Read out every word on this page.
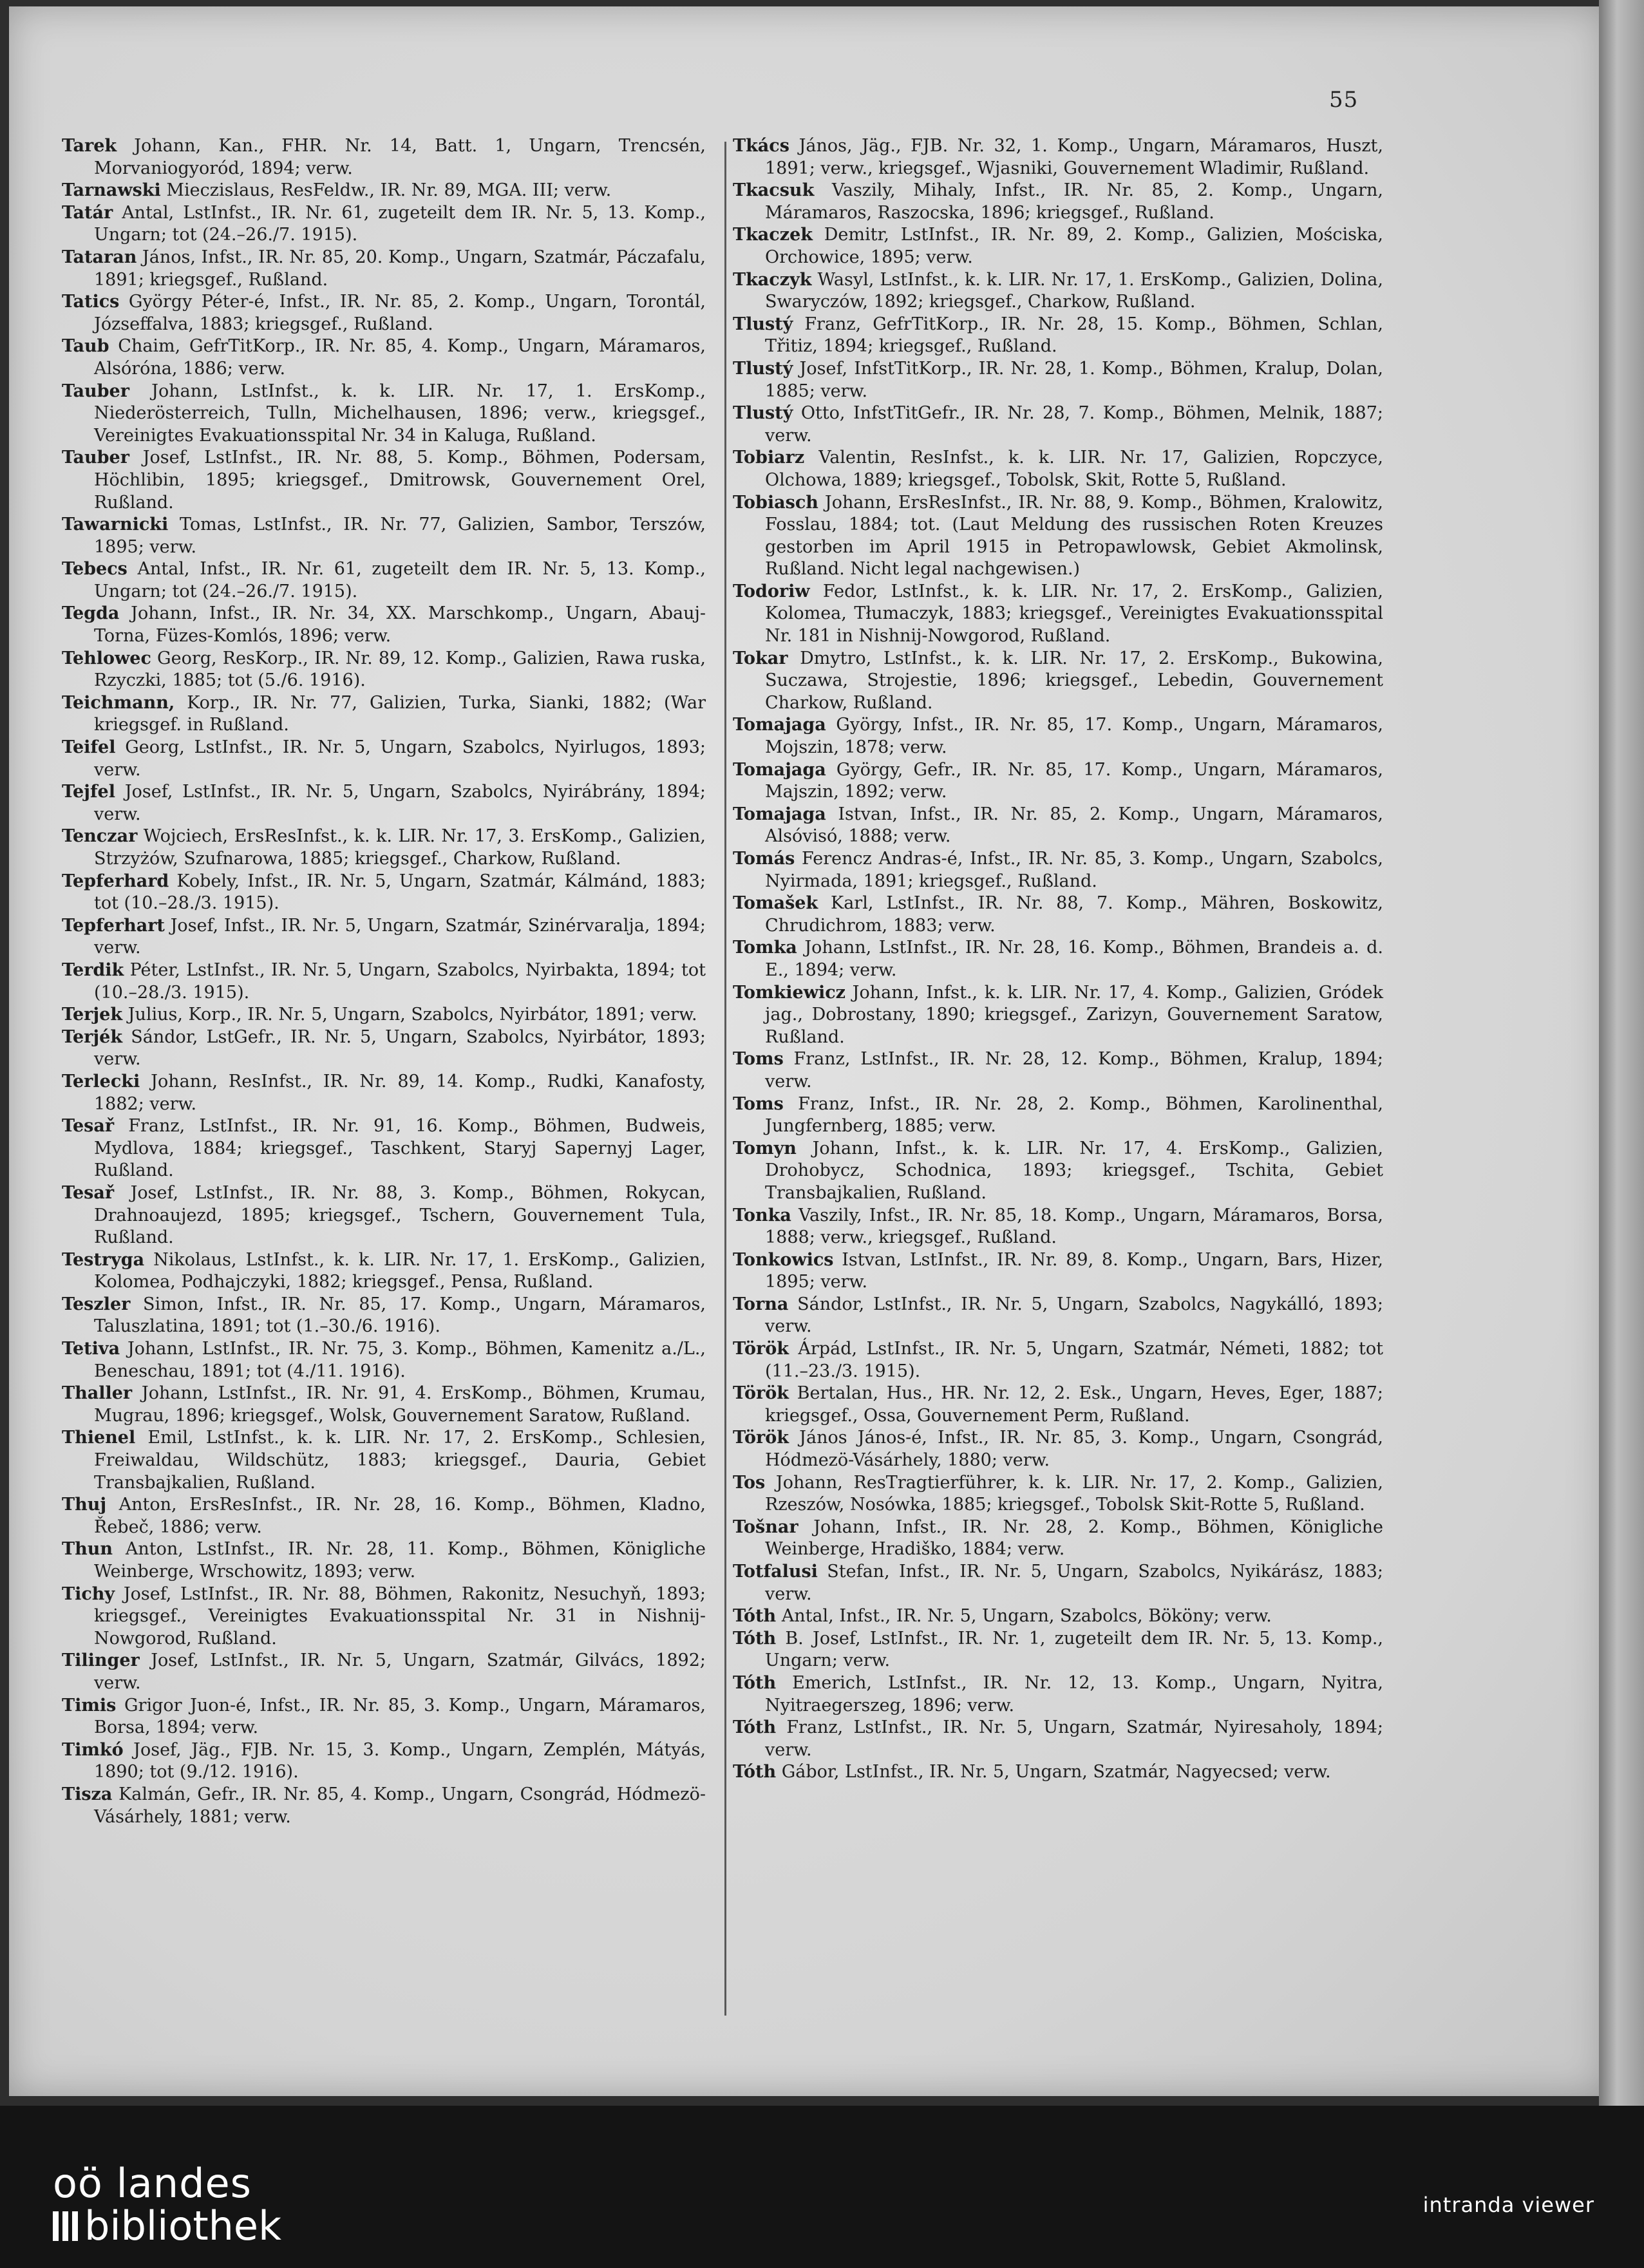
55

Tarek Johann, Kan., FHR. Nr. 14, Batt. 1, Ungarn, Trencsén, Morvaniogyoród, 1894; verw.

Tarnawski Mieczislaus, ResFeldw., IR. Nr. 89, MGA. III; verw.

Tatár Antal, LstInfst., IR. Nr. 61, zugeteilt dem IR. Nr. 5, 13. Komp., Ungarn; tot (24.–26./7. 1915).

Tataran János, Infst., IR. Nr. 85, 20. Komp., Ungarn, Szatmár, Páczafalu, 1891; kriegsgef., Rußland.

Tatics György Péter-é, Infst., IR. Nr. 85, 2. Komp., Ungarn, Torontál, Józseffalva, 1883; kriegsgef., Rußland.

Taub Chaim, GefrTitKorp., IR. Nr. 85, 4. Komp., Ungarn, Máramaros, Alsóróna, 1886; verw.

Tauber Johann, LstInfst., k. k. LIR. Nr. 17, 1. ErsKomp., Niederösterreich, Tulln, Michelhausen, 1896; verw., kriegsgef., Vereinigtes Evakuationsspital Nr. 34 in Kaluga, Rußland.

Tauber Josef, LstInfst., IR. Nr. 88, 5. Komp., Böhmen, Podersam, Höchlibin, 1895; kriegsgef., Dmitrowsk, Gouvernement Orel, Rußland.

Tawarnicki Tomas, LstInfst., IR. Nr. 77, Galizien, Sambor, Terszów, 1895; verw.

Tebecs Antal, Infst., IR. Nr. 61, zugeteilt dem IR. Nr. 5, 13. Komp., Ungarn; tot (24.–26./7. 1915).

Tegda Johann, Infst., IR. Nr. 34, XX. Marschkomp., Ungarn, Abauj-Torna, Füzes-Komlós, 1896; verw.

Tehlowec Georg, ResKorp., IR. Nr. 89, 12. Komp., Galizien, Rawa ruska, Rzyczki, 1885; tot (5./6. 1916).

Teichmann, Korp., IR. Nr. 77, Galizien, Turka, Sianki, 1882; (War kriegsgef. in Rußland.

Teifel Georg, LstInfst., IR. Nr. 5, Ungarn, Szabolcs, Nyirlugos, 1893; verw.

Tejfel Josef, LstInfst., IR. Nr. 5, Ungarn, Szabolcs, Nyirábrány, 1894; verw.

Tenczar Wojciech, ErsResInfst., k. k. LIR. Nr. 17, 3. ErsKomp., Galizien, Strzyżów, Szufnarowa, 1885; kriegsgef., Charkow, Rußland.

Tepferhard Kobely, Infst., IR. Nr. 5, Ungarn, Szatmár, Kálmánd, 1883; tot (10.–28./3. 1915).

Tepferhart Josef, Infst., IR. Nr. 5, Ungarn, Szatmár, Szinérvaralja, 1894; verw.

Terdik Péter, LstInfst., IR. Nr. 5, Ungarn, Szabolcs, Nyirbakta, 1894; tot (10.–28./3. 1915).

Terjek Julius, Korp., IR. Nr. 5, Ungarn, Szabolcs, Nyirbátor, 1891; verw.

Terjék Sándor, LstGefr., IR. Nr. 5, Ungarn, Szabolcs, Nyirbátor, 1893; verw.

Terlecki Johann, ResInfst., IR. Nr. 89, 14. Komp., Rudki, Kanafosty, 1882; verw.

Tesař Franz, LstInfst., IR. Nr. 91, 16. Komp., Böhmen, Budweis, Mydlova, 1884; kriegsgef., Taschkent, Staryj Sapernyj Lager, Rußland.

Tesař Josef, LstInfst., IR. Nr. 88, 3. Komp., Böhmen, Rokycan, Drahnoaujezd, 1895; kriegsgef., Tschern, Gouvernement Tula, Rußland.

Testryga Nikolaus, LstInfst., k. k. LIR. Nr. 17, 1. ErsKomp., Galizien, Kolomea, Podhajczyki, 1882; kriegsgef., Pensa, Rußland.

Teszler Simon, Infst., IR. Nr. 85, 17. Komp., Ungarn, Máramaros, Taluszlatina, 1891; tot (1.–30./6. 1916).

Tetiva Johann, LstInfst., IR. Nr. 75, 3. Komp., Böhmen, Kamenitz a./L., Beneschau, 1891; tot (4./11. 1916).

Thaller Johann, LstInfst., IR. Nr. 91, 4. ErsKomp., Böhmen, Krumau, Mugrau, 1896; kriegsgef., Wolsk, Gouvernement Saratow, Rußland.

Thienel Emil, LstInfst., k. k. LIR. Nr. 17, 2. ErsKomp., Schlesien, Freiwaldau, Wildschütz, 1883; kriegsgef., Dauria, Gebiet Transbajkalien, Rußland.

Thuj Anton, ErsResInfst., IR. Nr. 28, 16. Komp., Böhmen, Kladno, Řebeč, 1886; verw.

Thun Anton, LstInfst., IR. Nr. 28, 11. Komp., Böhmen, Königliche Weinberge, Wrschowitz, 1893; verw.

Tichy Josef, LstInfst., IR. Nr. 88, Böhmen, Rakonitz, Nesuchyň, 1893; kriegsgef., Vereinigtes Evakuationsspital Nr. 31 in Nishnij-Nowgorod, Rußland.

Tilinger Josef, LstInfst., IR. Nr. 5, Ungarn, Szatmár, Gilvács, 1892; verw.

Timis Grigor Juon-é, Infst., IR. Nr. 85, 3. Komp., Ungarn, Máramaros, Borsa, 1894; verw.

Timkó Josef, Jäg., FJB. Nr. 15, 3. Komp., Ungarn, Zemplén, Mátyás, 1890; tot (9./12. 1916).

Tisza Kalmán, Gefr., IR. Nr. 85, 4. Komp., Ungarn, Csongrád, Hódmezö-Vásárhely, 1881; verw.

Tkács János, Jäg., FJB. Nr. 32, 1. Komp., Ungarn, Máramaros, Huszt, 1891; verw., kriegsgef., Wjasniki, Gouvernement Wladimir, Rußland.

Tkacsuk Vaszily, Mihaly, Infst., IR. Nr. 85, 2. Komp., Ungarn, Máramaros, Raszocska, 1896; kriegsgef., Rußland.

Tkaczek Demitr, LstInfst., IR. Nr. 89, 2. Komp., Galizien, Mościska, Orchowice, 1895; verw.

Tkaczyk Wasyl, LstInfst., k. k. LIR. Nr. 17, 1. ErsKomp., Galizien, Dolina, Swaryczów, 1892; kriegsgef., Charkow, Rußland.

Tlustý Franz, GefrTitKorp., IR. Nr. 28, 15. Komp., Böhmen, Schlan, Třitiz, 1894; kriegsgef., Rußland.

Tlustý Josef, InfstTitKorp., IR. Nr. 28, 1. Komp., Böhmen, Kralup, Dolan, 1885; verw.

Tlustý Otto, InfstTitGefr., IR. Nr. 28, 7. Komp., Böhmen, Melnik, 1887; verw.

Tobiarz Valentin, ResInfst., k. k. LIR. Nr. 17, Galizien, Ropczyce, Olchowa, 1889; kriegsgef., Tobolsk, Skit, Rotte 5, Rußland.

Tobiasch Johann, ErsResInfst., IR. Nr. 88, 9. Komp., Böhmen, Kralowitz, Fosslau, 1884; tot. (Laut Meldung des russischen Roten Kreuzes gestorben im April 1915 in Petropawlowsk, Gebiet Akmolinsk, Rußland. Nicht legal nachgewisen.)

Todoriw Fedor, LstInfst., k. k. LIR. Nr. 17, 2. ErsKomp., Galizien, Kolomea, Tłumaczyk, 1883; kriegsgef., Vereinigtes Evakuationsspital Nr. 181 in Nishnij-Nowgorod, Rußland.

Tokar Dmytro, LstInfst., k. k. LIR. Nr. 17, 2. ErsKomp., Bukowina, Suczawa, Strojestie, 1896; kriegsgef., Lebedin, Gouvernement Charkow, Rußland.

Tomajaga György, Infst., IR. Nr. 85, 17. Komp., Ungarn, Máramaros, Mojszin, 1878; verw.

Tomajaga György, Gefr., IR. Nr. 85, 17. Komp., Ungarn, Máramaros, Majszin, 1892; verw.

Tomajaga Istvan, Infst., IR. Nr. 85, 2. Komp., Ungarn, Máramaros, Alsóvisó, 1888; verw.

Tomás Ferencz Andras-é, Infst., IR. Nr. 85, 3. Komp., Ungarn, Szabolcs, Nyirmada, 1891; kriegsgef., Rußland.

Tomašek Karl, LstInfst., IR. Nr. 88, 7. Komp., Mähren, Boskowitz, Chrudichrom, 1883; verw.

Tomka Johann, LstInfst., IR. Nr. 28, 16. Komp., Böhmen, Brandeis a. d. E., 1894; verw.

Tomkiewicz Johann, Infst., k. k. LIR. Nr. 17, 4. Komp., Galizien, Gródek jag., Dobrostany, 1890; kriegsgef., Zarizyn, Gouvernement Saratow, Rußland.

Toms Franz, LstInfst., IR. Nr. 28, 12. Komp., Böhmen, Kralup, 1894; verw.

Toms Franz, Infst., IR. Nr. 28, 2. Komp., Böhmen, Karolinenthal, Jungfernberg, 1885; verw.

Tomyn Johann, Infst., k. k. LIR. Nr. 17, 4. ErsKomp., Galizien, Drohobycz, Schodnica, 1893; kriegsgef., Tschita, Gebiet Transbajkalien, Rußland.

Tonka Vaszily, Infst., IR. Nr. 85, 18. Komp., Ungarn, Máramaros, Borsa, 1888; verw., kriegsgef., Rußland.

Tonkowics Istvan, LstInfst., IR. Nr. 89, 8. Komp., Ungarn, Bars, Hizer, 1895; verw.

Torna Sándor, LstInfst., IR. Nr. 5, Ungarn, Szabolcs, Nagykálló, 1893; verw.

Török Árpád, LstInfst., IR. Nr. 5, Ungarn, Szatmár, Németi, 1882; tot (11.–23./3. 1915).

Török Bertalan, Hus., HR. Nr. 12, 2. Esk., Ungarn, Heves, Eger, 1887; kriegsgef., Ossa, Gouvernement Perm, Rußland.

Török János János-é, Infst., IR. Nr. 85, 3. Komp., Ungarn, Csongrád, Hódmezö-Vásárhely, 1880; verw.

Tos Johann, ResTragtierführer, k. k. LIR. Nr. 17, 2. Komp., Galizien, Rzeszów, Nosówka, 1885; kriegsgef., Tobolsk Skit-Rotte 5, Rußland.

Tošnar Johann, Infst., IR. Nr. 28, 2. Komp., Böhmen, Königliche Weinberge, Hradiško, 1884; verw.

Totfalusi Stefan, Infst., IR. Nr. 5, Ungarn, Szabolcs, Nyikárász, 1883; verw.

Tóth Antal, Infst., IR. Nr. 5, Ungarn, Szabolcs, Bököny; verw.

Tóth B. Josef, LstInfst., IR. Nr. 1, zugeteilt dem IR. Nr. 5, 13. Komp., Ungarn; verw.

Tóth Emerich, LstInfst., IR. Nr. 12, 13. Komp., Ungarn, Nyitra, Nyitraegerszeg, 1896; verw.

Tóth Franz, LstInfst., IR. Nr. 5, Ungarn, Szatmár, Nyiresaholy, 1894; verw.

Tóth Gábor, LstInfst., IR. Nr. 5, Ungarn, Szatmár, Nagyecsed; verw.

oö landes
bibliothek	intranda viewer
